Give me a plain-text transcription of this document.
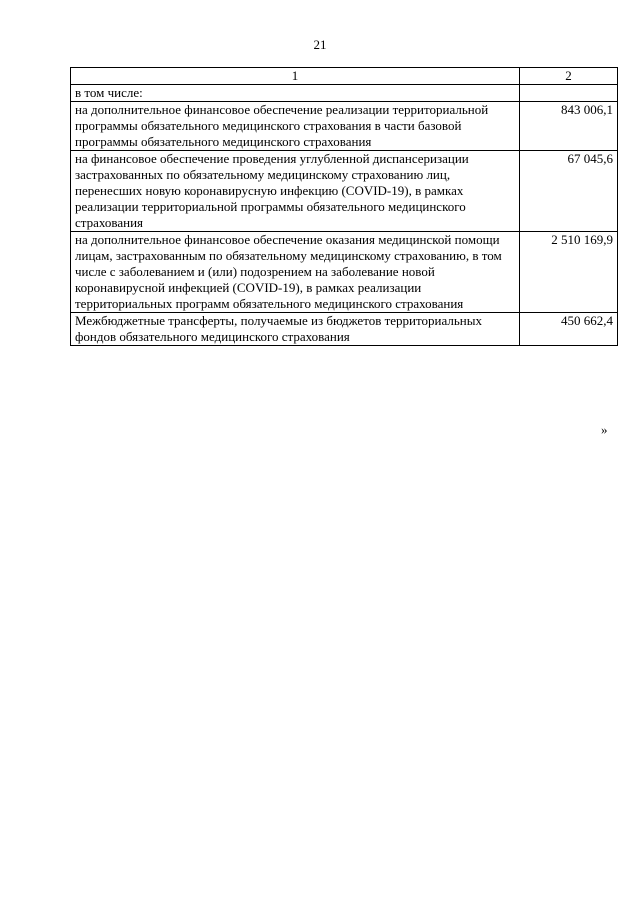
21
1	2
в том числе:	
на дополнительное финансовое обеспечение реализации территориальной программы обязательного медицинского страхования в части базовой программы обязательного медицинского страхования	843 006,1
на финансовое обеспечение проведения углубленной диспансеризации застрахованных по обязательному медицинскому страхованию лиц, перенесших новую коронавирусную инфекцию (COVID-19), в рамках реализации территориальной программы обязательного медицинского страхования	67 045,6
на дополнительное финансовое обеспечение оказания медицинской помощи лицам, застрахованным по обязательному медицинскому страхованию, в том числе с заболеванием и (или) подозрением на заболевание новой коронавирусной инфекцией (COVID-19), в рамках реализации территориальных программ обязательного медицинского страхования	2 510 169,9
Межбюджетные трансферты, получаемые из бюджетов территориальных фондов обязательного медицинского страхования	450 662,4
»
